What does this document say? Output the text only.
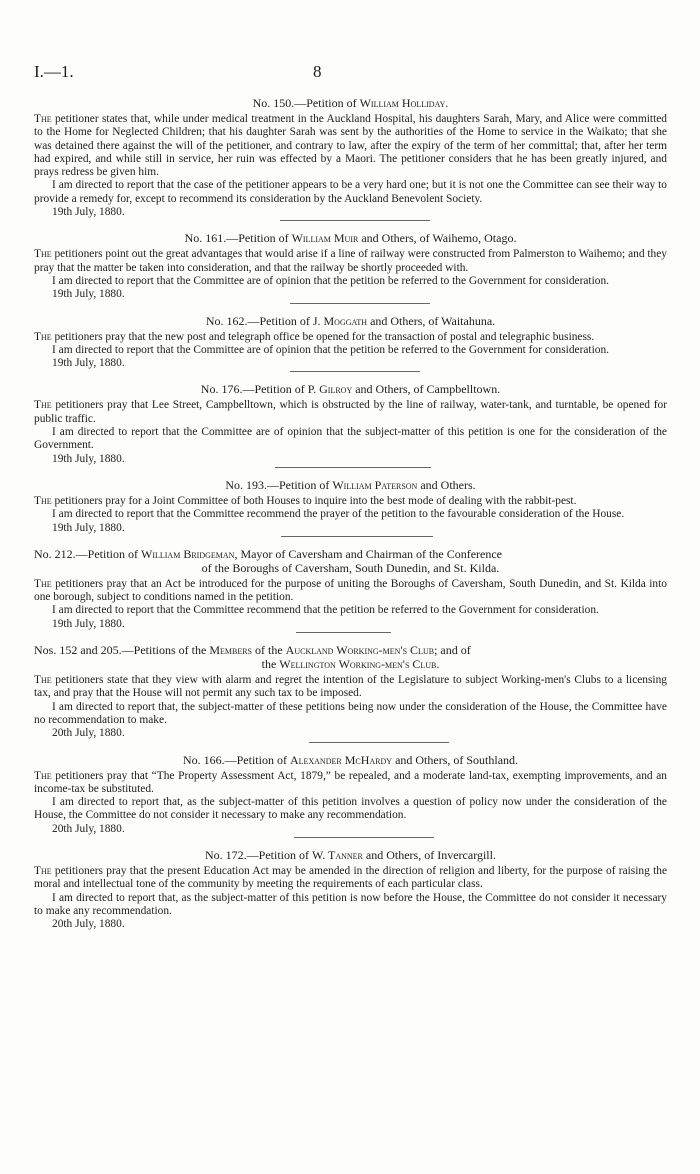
I.—1.	8

No. 150.—Petition of William Holliday.

The petitioner states that, while under medical treatment in the Auckland Hospital, his daughters Sarah, Mary, and Alice were committed to the Home for Neglected Children; that his daughter Sarah was sent by the authorities of the Home to service in the Waikato; that she was detained there against the will of the petitioner, and contrary to law, after the expiry of the term of her committal; that, after her term had expired, and while still in service, her ruin was effected by a Maori. The petitioner considers that he has been greatly injured, and prays redress be given him.

I am directed to report that the case of the petitioner appears to be a very hard one; but it is not one the Committee can see their way to provide a remedy for, except to recommend its consideration by the Auckland Benevolent Society.

19th July, 1880.

No. 161.—Petition of William Muir and Others, of Waihemo, Otago.

The petitioners point out the great advantages that would arise if a line of railway were constructed from Palmerston to Waihemo; and they pray that the matter be taken into consideration, and that the railway be shortly proceeded with.

I am directed to report that the Committee are of opinion that the petition be referred to the Government for consideration.

19th July, 1880.

No. 162.—Petition of J. Moggath and Others, of Waitahuna.

The petitioners pray that the new post and telegraph office be opened for the transaction of postal and telegraphic business.

I am directed to report that the Committee are of opinion that the petition be referred to the Government for consideration.

19th July, 1880.

No. 176.—Petition of P. Gilroy and Others, of Campbelltown.

The petitioners pray that Lee Street, Campbelltown, which is obstructed by the line of railway, water-tank, and turntable, be opened for public traffic.

I am directed to report that the Committee are of opinion that the subject-matter of this petition is one for the consideration of the Government.

19th July, 1880.

No. 193.—Petition of William Paterson and Others.

The petitioners pray for a Joint Committee of both Houses to inquire into the best mode of dealing with the rabbit-pest.

I am directed to report that the Committee recommend the prayer of the petition to the favourable consideration of the House.

19th July, 1880.

No. 212.—Petition of William Bridgeman, Mayor of Caversham and Chairman of the Conference
of the Boroughs of Caversham, South Dunedin, and St. Kilda.

The petitioners pray that an Act be introduced for the purpose of uniting the Boroughs of Caversham, South Dunedin, and St. Kilda into one borough, subject to conditions named in the petition.

I am directed to report that the Committee recommend that the petition be referred to the Government for consideration.

19th July, 1880.

Nos. 152 and 205.—Petitions of the Members of the Auckland Working-men's Club; and of
the Wellington Working-men's Club.

The petitioners state that they view with alarm and regret the intention of the Legislature to subject Working-men's Clubs to a licensing tax, and pray that the House will not permit any such tax to be imposed.

I am directed to report that, the subject-matter of these petitions being now under the consideration of the House, the Committee have no recommendation to make.

20th July, 1880.

No. 166.—Petition of Alexander McHardy and Others, of Southland.

The petitioners pray that “The Property Assessment Act, 1879,” be repealed, and a moderate land-tax, exempting improvements, and an income-tax be substituted.

I am directed to report that, as the subject-matter of this petition involves a question of policy now under the consideration of the House, the Committee do not consider it necessary to make any recommendation.

20th July, 1880.

No. 172.—Petition of W. Tanner and Others, of Invercargill.

The petitioners pray that the present Education Act may be amended in the direction of religion and liberty, for the purpose of raising the moral and intellectual tone of the community by meeting the requirements of each particular class.

I am directed to report that, as the subject-matter of this petition is now before the House, the Committee do not consider it necessary to make any recommendation.

20th July, 1880.
